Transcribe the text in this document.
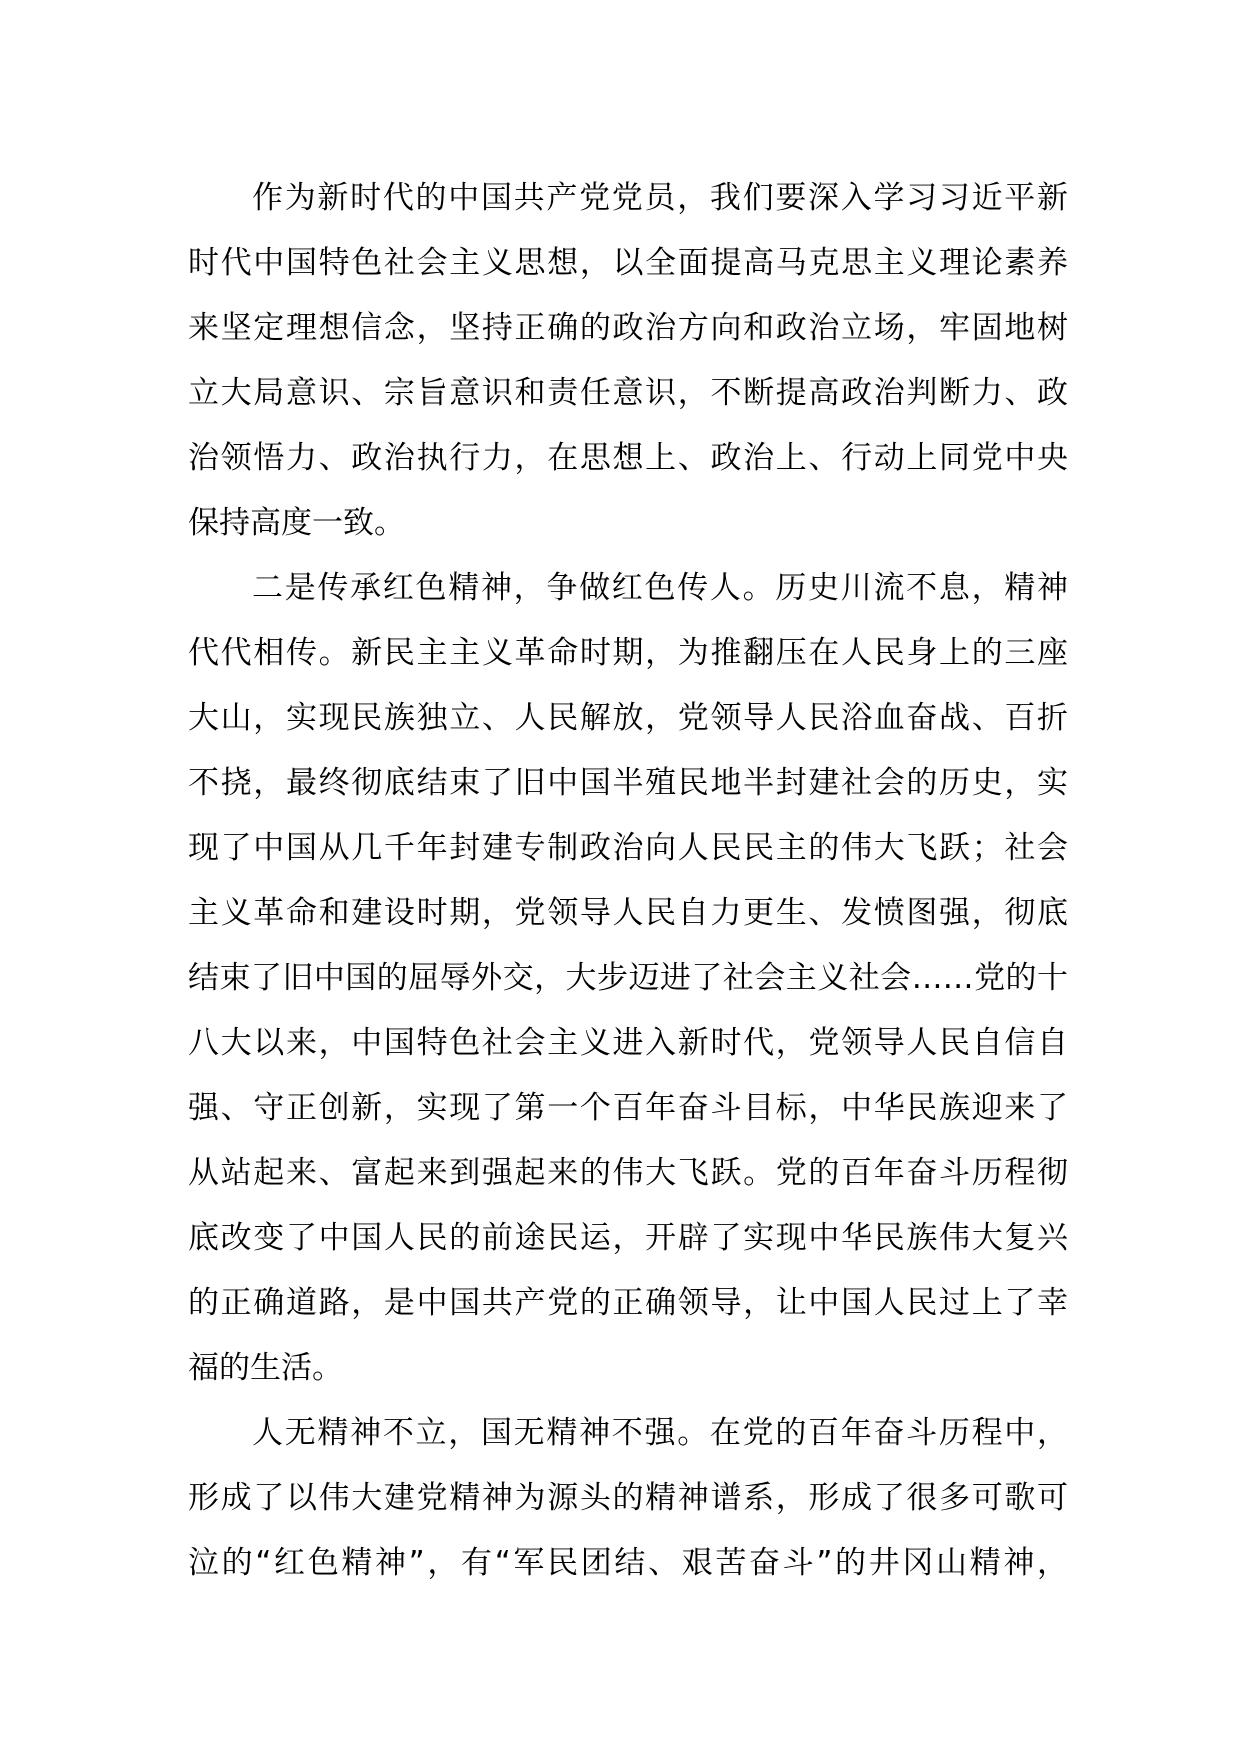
作为新时代的中国共产党党员，我们要深入学习习近平新
时代中国特色社会主义思想，以全面提高马克思主义理论素养
来坚定理想信念，坚持正确的政治方向和政治立场，牢固地树
立大局意识、宗旨意识和责任意识，不断提高政治判断力、政
治领悟力、政治执行力，在思想上、政治上、行动上同党中央
保持高度一致。
二是传承红色精神，争做红色传人。历史川流不息，精神
代代相传。新民主主义革命时期，为推翻压在人民身上的三座
大山，实现民族独立、人民解放，党领导人民浴血奋战、百折
不挠，最终彻底结束了旧中国半殖民地半封建社会的历史，实
现了中国从几千年封建专制政治向人民民主的伟大飞跃；社会
主义革命和建设时期，党领导人民自力更生、发愤图强，彻底
结束了旧中国的屈辱外交，大步迈进了社会主义社会……党的十
八大以来，中国特色社会主义进入新时代，党领导人民自信自
强、守正创新，实现了第一个百年奋斗目标，中华民族迎来了
从站起来、富起来到强起来的伟大飞跃。党的百年奋斗历程彻
底改变了中国人民的前途民运，开辟了实现中华民族伟大复兴
的正确道路，是中国共产党的正确领导，让中国人民过上了幸
福的生活。
人无精神不立，国无精神不强。在党的百年奋斗历程中，
形成了以伟大建党精神为源头的精神谱系，形成了很多可歌可
泣的“红色精神”，有“军民团结、艰苦奋斗”的井冈山精神，
